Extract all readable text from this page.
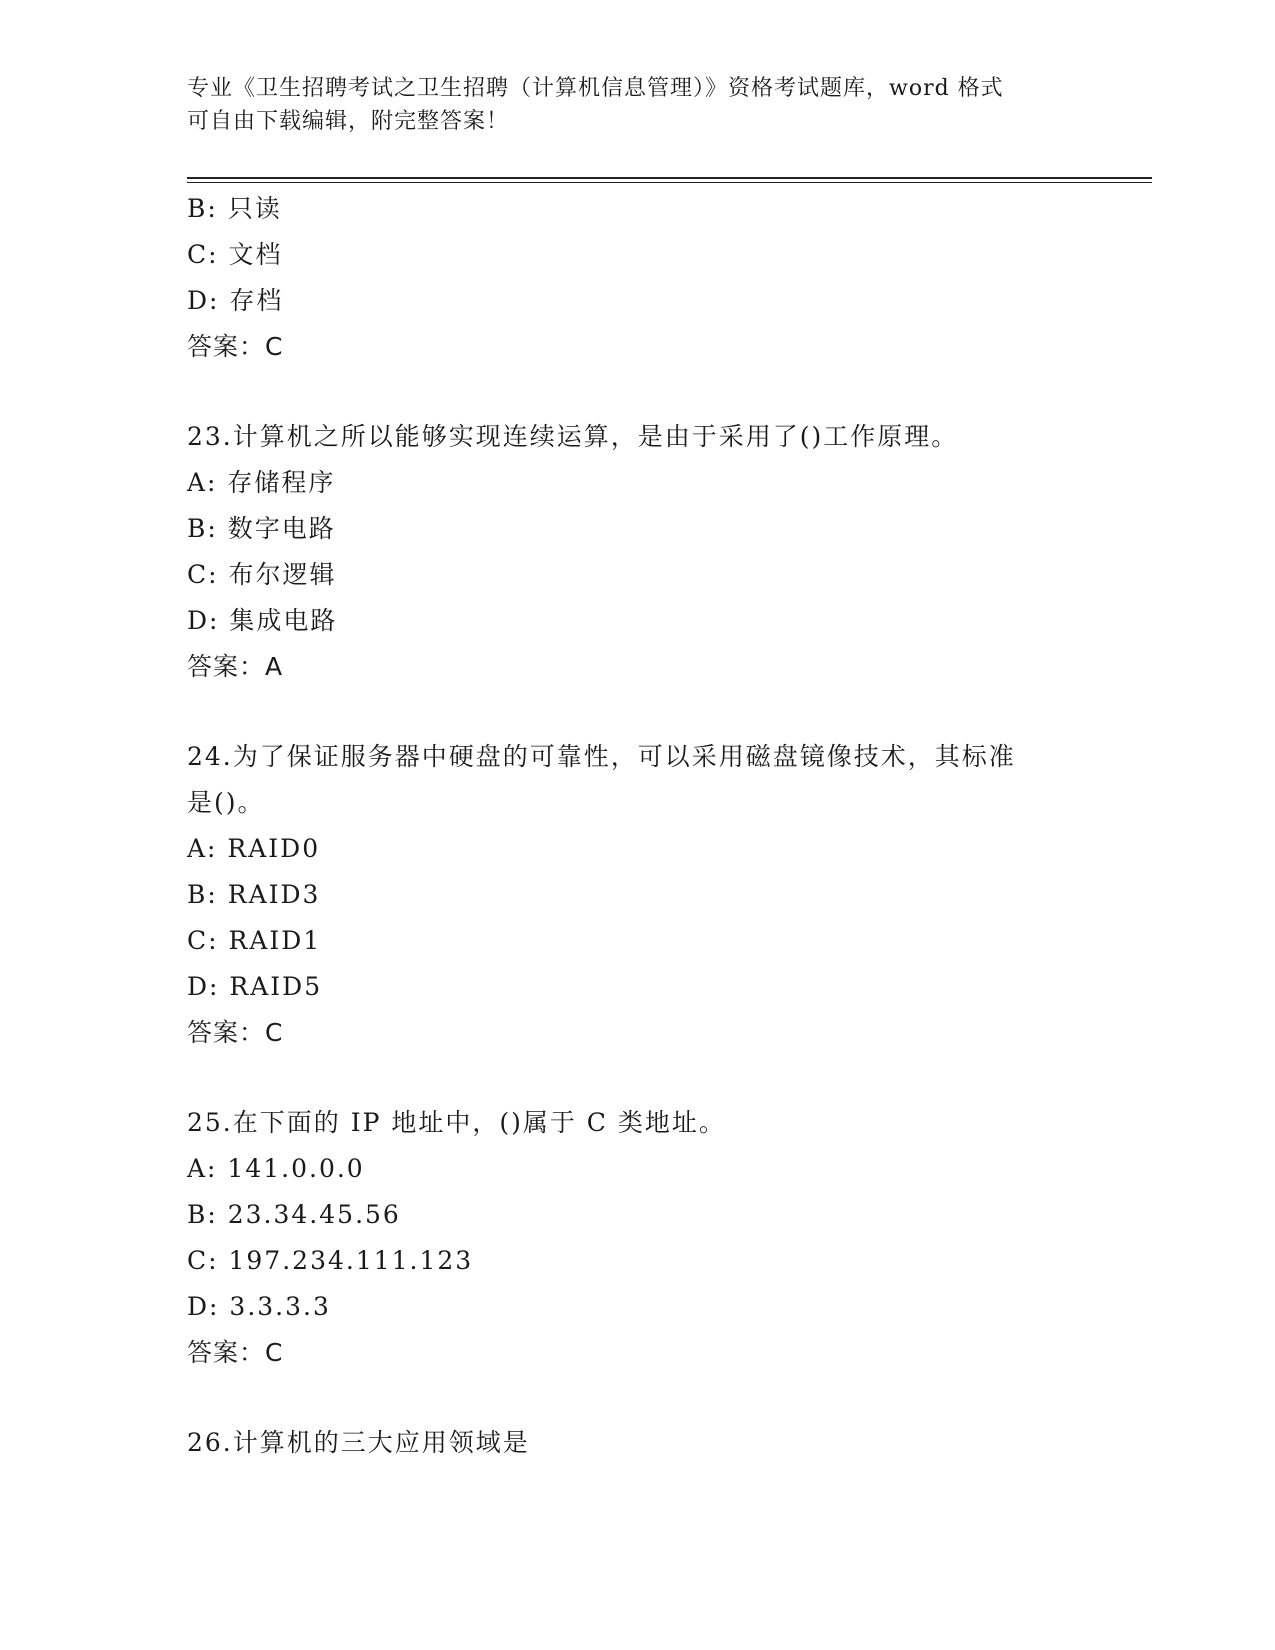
专业《卫生招聘考试之卫生招聘（计算机信息管理）》资格考试题库，word 格式
可自由下载编辑，附完整答案！
B: 只读
C: 文档
D: 存档
答案：C
23.计算机之所以能够实现连续运算，是由于采用了()工作原理。
A: 存储程序
B: 数字电路
C: 布尔逻辑
D: 集成电路
答案：A
24.为了保证服务器中硬盘的可靠性，可以采用磁盘镜像技术，其标准
是()。
A: RAID0
B: RAID3
C: RAID1
D: RAID5
答案：C
25.在下面的 IP 地址中，()属于 C 类地址。
A: 141.0.0.0
B: 23.34.45.56
C: 197.234.111.123
D: 3.3.3.3
答案：C
26.计算机的三大应用领域是
